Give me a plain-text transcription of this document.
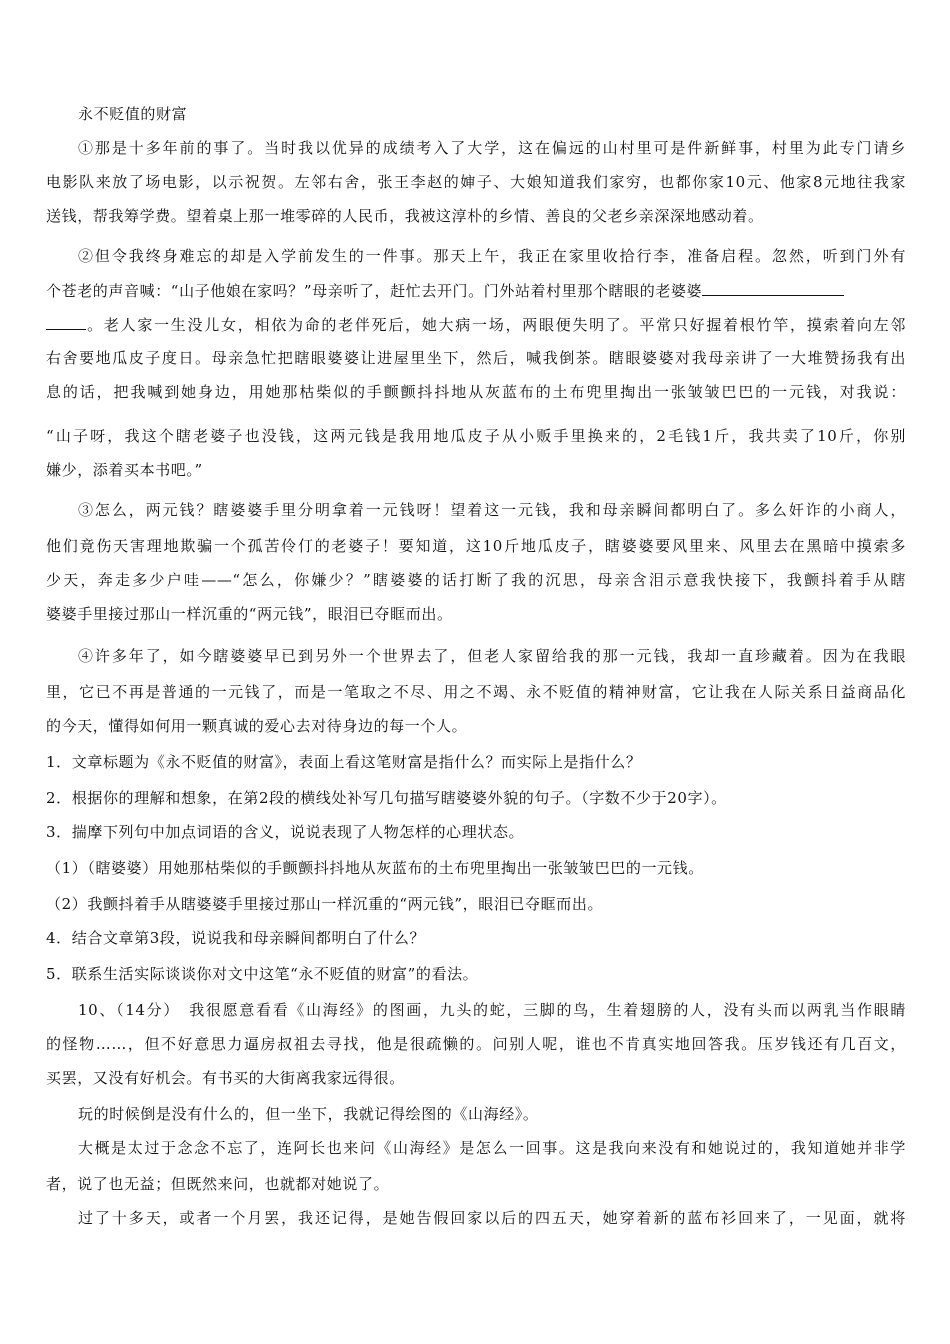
永不贬值的财富
①那是十多年前的事了。当时我以优异的成绩考入了大学，这在偏远的山村里可是件新鲜事，村里为此专门请乡
电影队来放了场电影，以示祝贺。左邻右舍，张王李赵的婶子、大娘知道我们家穷，也都你家10元、他家8元地往我家
送钱，帮我筹学费。望着桌上那一堆零碎的人民币，我被这淳朴的乡情、善良的父老乡亲深深地感动着。
②但令我终身难忘的却是入学前发生的一件事。那天上午，我正在家里收拾行李，准备启程。忽然，听到门外有
个苍老的声音喊：“山子他娘在家吗？”母亲听了，赶忙去开门。门外站着村里那个瞎眼的老婆婆
。老人家一生没儿女，相依为命的老伴死后，她大病一场，两眼便失明了。平常只好握着根竹竿，摸索着向左邻
右舍要地瓜皮子度日。母亲急忙把瞎眼婆婆让进屋里坐下，然后，喊我倒茶。瞎眼婆婆对我母亲讲了一大堆赞扬我有出
息的话，把我喊到她身边，用她那枯柴似的手颤颤抖抖地从灰蓝布的土布兜里掏出一张皱皱巴巴的一元钱，对我说：
“山子呀，我这个瞎老婆子也没钱，这两元钱是我用地瓜皮子从小贩手里换来的，2毛钱1斤，我共卖了10斤，你别
嫌少，添着买本书吧。”
③怎么，两元钱？瞎婆婆手里分明拿着一元钱呀！望着这一元钱，我和母亲瞬间都明白了。多么奸诈的小商人，
他们竟伤天害理地欺骗一个孤苦伶仃的老婆子！要知道，这10斤地瓜皮子，瞎婆婆要风里来、风里去在黑暗中摸索多
少天，奔走多少户哇——“怎么，你嫌少？”瞎婆婆的话打断了我的沉思，母亲含泪示意我快接下，我颤抖着手从瞎
婆婆手里接过那山一样沉重的“两元钱”，眼泪已夺眶而出。
④许多年了，如今瞎婆婆早已到另外一个世界去了，但老人家留给我的那一元钱，我却一直珍藏着。因为在我眼
里，它已不再是普通的一元钱了，而是一笔取之不尽、用之不竭、永不贬值的精神财富，它让我在人际关系日益商品化
的今天，懂得如何用一颗真诚的爱心去对待身边的每一个人。
1．文章标题为《永不贬值的财富》，表面上看这笔财富是指什么？而实际上是指什么？
2．根据你的理解和想象，在第2段的横线处补写几句描写瞎婆婆外貌的句子。（字数不少于20字）。
3．揣摩下列句中加点词语的含义，说说表现了人物怎样的心理状态。
（1）（瞎婆婆）用她那枯柴似的手颤颤抖抖地从灰蓝布的土布兜里掏出一张皱皱巴巴的一元钱。
（2）我颤抖着手从瞎婆婆手里接过那山一样沉重的“两元钱”，眼泪已夺眶而出。
4．结合文章第3段，说说我和母亲瞬间都明白了什么？
5．联系生活实际谈谈你对文中这笔“永不贬值的财富”的看法。
10、（14分）　我很愿意看看《山海经》的图画，九头的蛇，三脚的鸟，生着翅膀的人，没有头而以两乳当作眼睛
的怪物……，但不好意思力逼房叔祖去寻找，他是很疏懒的。问别人呢，谁也不肯真实地回答我。压岁钱还有几百文，
买罢，又没有好机会。有书买的大街离我家远得很。
玩的时候倒是没有什么的，但一坐下，我就记得绘图的《山海经》。
大概是太过于念念不忘了，连阿长也来问《山海经》是怎么一回事。这是我向来没有和她说过的，我知道她并非学
者，说了也无益；但既然来问，也就都对她说了。
过了十多天，或者一个月罢，我还记得，是她告假回家以后的四五天，她穿着新的蓝布衫回来了，一见面，就将
